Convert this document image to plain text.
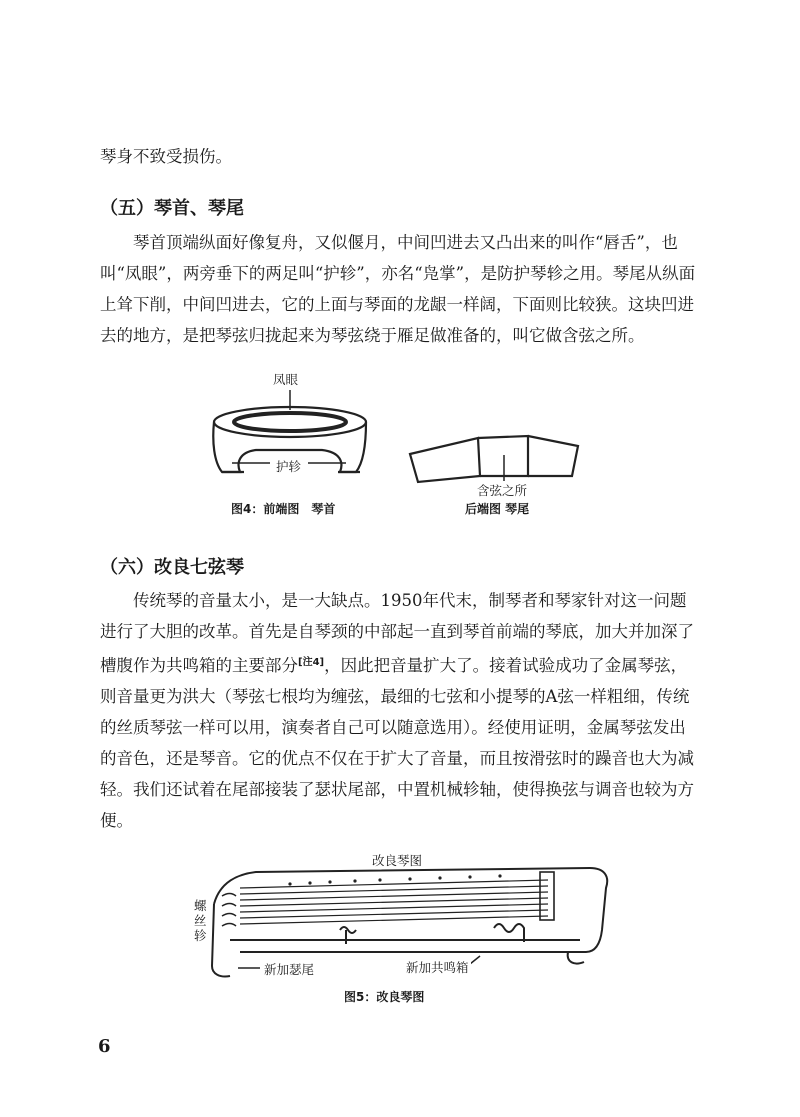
琴身不致受损伤。

（五）琴首、琴尾

琴首顶端纵面好像复舟，又似偃月，中间凹进去又凸出来的叫作“唇舌”，也叫“凤眼”，两旁垂下的两足叫“护轸”，亦名“凫掌”，是防护琴轸之用。琴尾从纵面上耸下削，中间凹进去，它的上面与琴面的龙龈一样阔，下面则比较狭。这块凹进去的地方，是把琴弦归拢起来为琴弦绕于雁足做准备的，叫它做含弦之所。

凤眼
护轸
含弦之所
图4：前端图　琴首	后端图 琴尾
（六）改良七弦琴

传统琴的音量太小，是一大缺点。1950年代末，制琴者和琴家针对这一问题进行了大胆的改革。首先是自琴颈的中部起一直到琴首前端的琴底，加大并加深了槽腹作为共鸣箱的主要部分[注4]，因此把音量扩大了。接着试验成功了金属琴弦，则音量更为洪大（琴弦七根均为缠弦，最细的七弦和小提琴的A弦一样粗细，传统的丝质琴弦一样可以用，演奏者自己可以随意选用）。经使用证明，金属琴弦发出的音色，还是琴音。它的优点不仅在于扩大了音量，而且按滑弦时的躁音也大为减轻。我们还试着在尾部接装了瑟状尾部，中置机械轸轴，使得换弦与调音也较为方便。

改良琴图
螺丝轸
新加瑟尾	新加共鸣箱
图5：改良琴图
6
